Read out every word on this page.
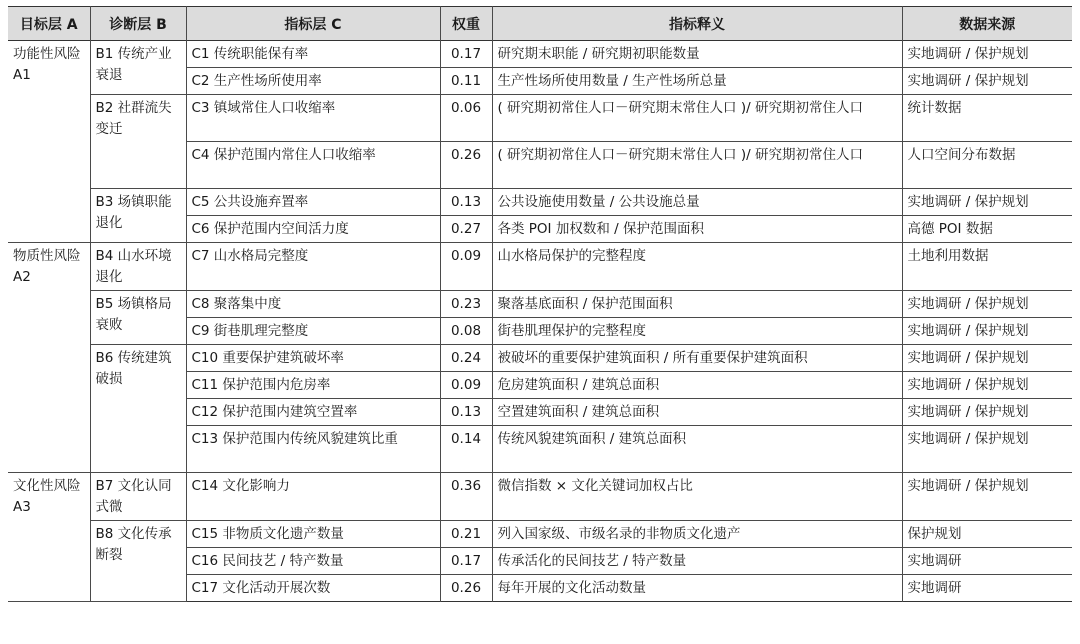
目标层 A	诊断层 B	指标层 C	权重	指标释义	数据来源
功能性风险 A1	B1 传统产业衰退	C1 传统职能保有率	0.17	研究期末职能 / 研究期初职能数量	实地调研 / 保护规划
		C2 生产性场所使用率	0.11	生产性场所使用数量 / 生产性场所总量	实地调研 / 保护规划
	B2 社群流失变迁	C3 镇域常住人口收缩率	0.06	( 研究期初常住人口－研究期末常住人口 )/ 研究期初常住人口	统计数据
		C4 保护范围内常住人口收缩率	0.26	( 研究期初常住人口－研究期末常住人口 )/ 研究期初常住人口	人口空间分布数据
	B3 场镇职能退化	C5 公共设施弃置率	0.13	公共设施使用数量 / 公共设施总量	实地调研 / 保护规划
		C6 保护范围内空间活力度	0.27	各类 POI 加权数和 / 保护范围面积	高德 POI 数据
物质性风险 A2	B4 山水环境退化	C7 山水格局完整度	0.09	山水格局保护的完整程度	土地利用数据
	B5 场镇格局衰败	C8 聚落集中度	0.23	聚落基底面积 / 保护范围面积	实地调研 / 保护规划
		C9 街巷肌理完整度	0.08	街巷肌理保护的完整程度	实地调研 / 保护规划
	B6 传统建筑破损	C10 重要保护建筑破坏率	0.24	被破坏的重要保护建筑面积 / 所有重要保护建筑面积	实地调研 / 保护规划
		C11 保护范围内危房率	0.09	危房建筑面积 / 建筑总面积	实地调研 / 保护规划
		C12 保护范围内建筑空置率	0.13	空置建筑面积 / 建筑总面积	实地调研 / 保护规划
		C13 保护范围内传统风貌建筑比重	0.14	传统风貌建筑面积 / 建筑总面积	实地调研 / 保护规划
文化性风险 A3	B7 文化认同式微	C14 文化影响力	0.36	微信指数 × 文化关键词加权占比	实地调研 / 保护规划
	B8 文化传承断裂	C15 非物质文化遗产数量	0.21	列入国家级、市级名录的非物质文化遗产	保护规划
		C16 民间技艺 / 特产数量	0.17	传承活化的民间技艺 / 特产数量	实地调研
		C17 文化活动开展次数	0.26	每年开展的文化活动数量	实地调研
